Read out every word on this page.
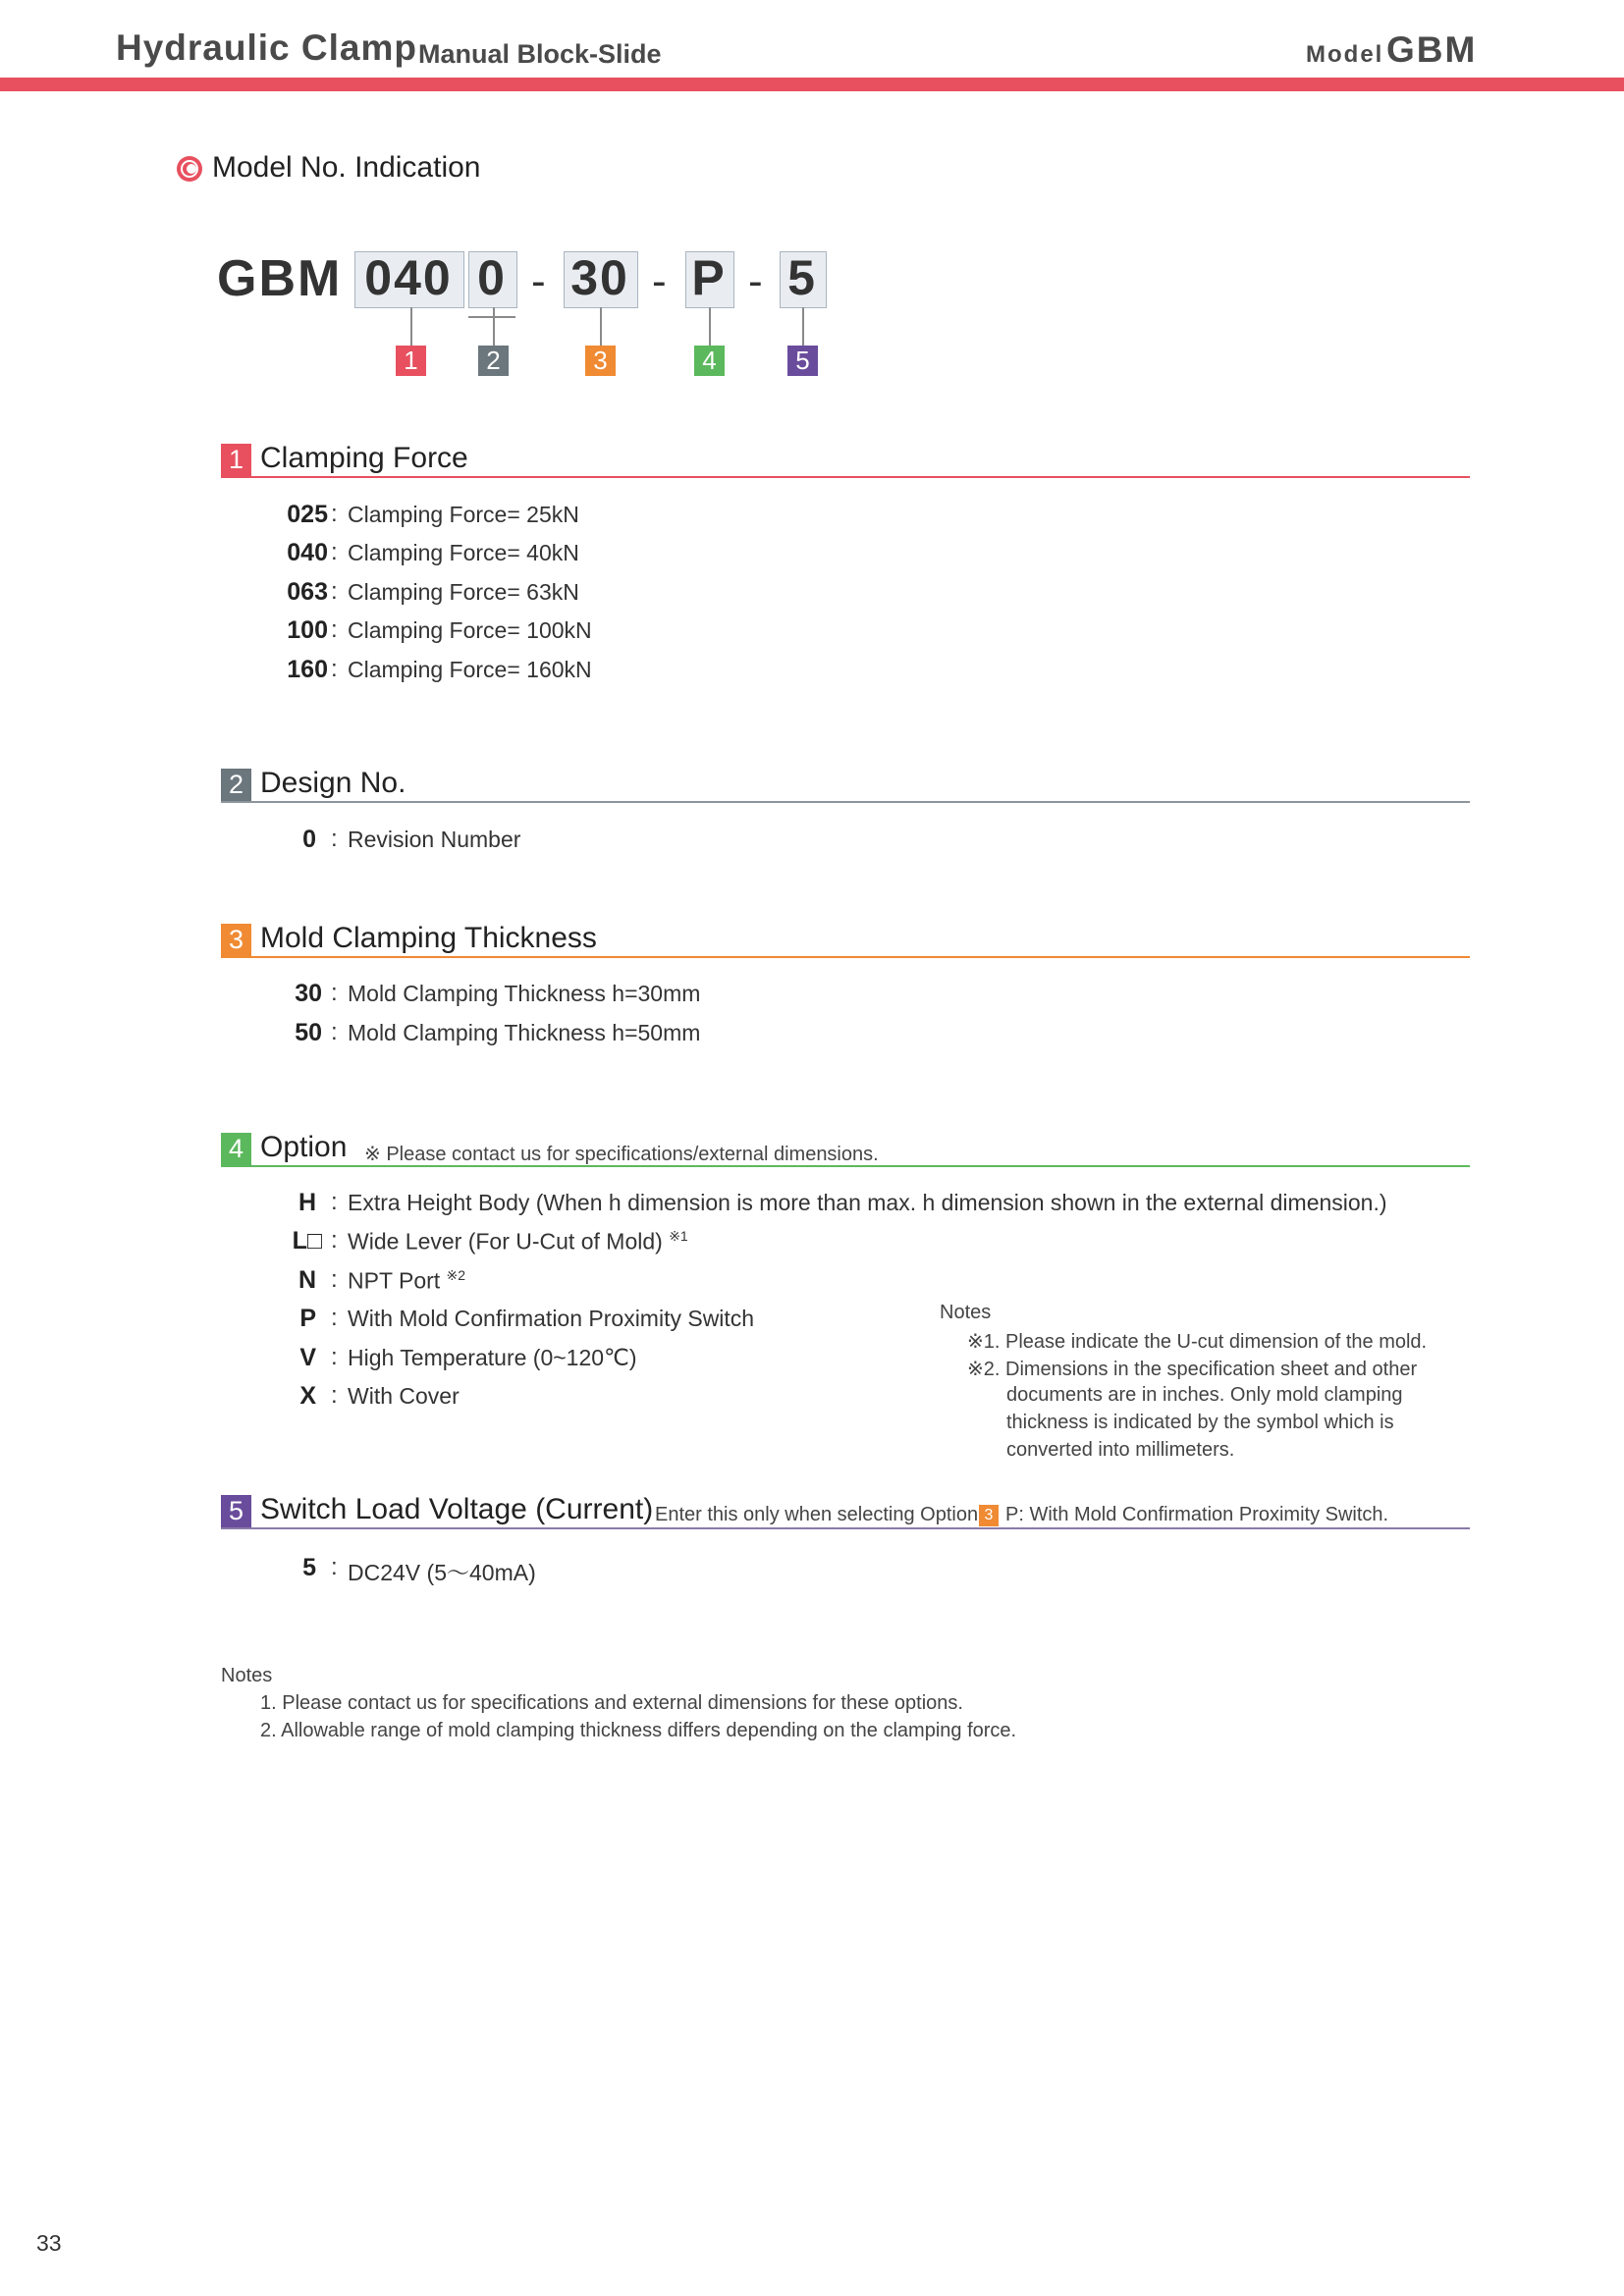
Hydraulic Clamp Manual Block-Slide	Model GBM
Model No. Indication
GBM 040 0 - 30 - P - 5
1	2	3	4	5
1 Clamping Force
025 : Clamping Force= 25kN
040 : Clamping Force= 40kN
063 : Clamping Force= 63kN
100 : Clamping Force= 100kN
160 : Clamping Force= 160kN
2 Design No.
0 : Revision Number
3 Mold Clamping Thickness
30 : Mold Clamping Thickness h=30mm
50 : Mold Clamping Thickness h=50mm
4 Option ※ Please contact us for specifications/external dimensions.
H : Extra Height Body (When h dimension is more than max. h dimension shown in the external dimension.)
L□ : Wide Lever (For U-Cut of Mold) $^{※1}$
N : NPT Port $^{※2}$
P : With Mold Confirmation Proximity Switch
V : High Temperature (0~120℃)
X : With Cover
Notes
※1. Please indicate the U-cut dimension of the mold.
※2. Dimensions in the specification sheet and other
documents are in inches. Only mold clamping
thickness is indicated by the symbol which is
converted into millimeters.
5 Switch Load Voltage (Current) Enter this only when selecting Option 3 P: With Mold Confirmation Proximity Switch.
5 : DC24V (5～40mA)
Notes
1. Please contact us for specifications and external dimensions for these options.
2. Allowable range of mold clamping thickness differs depending on the clamping force.
33
